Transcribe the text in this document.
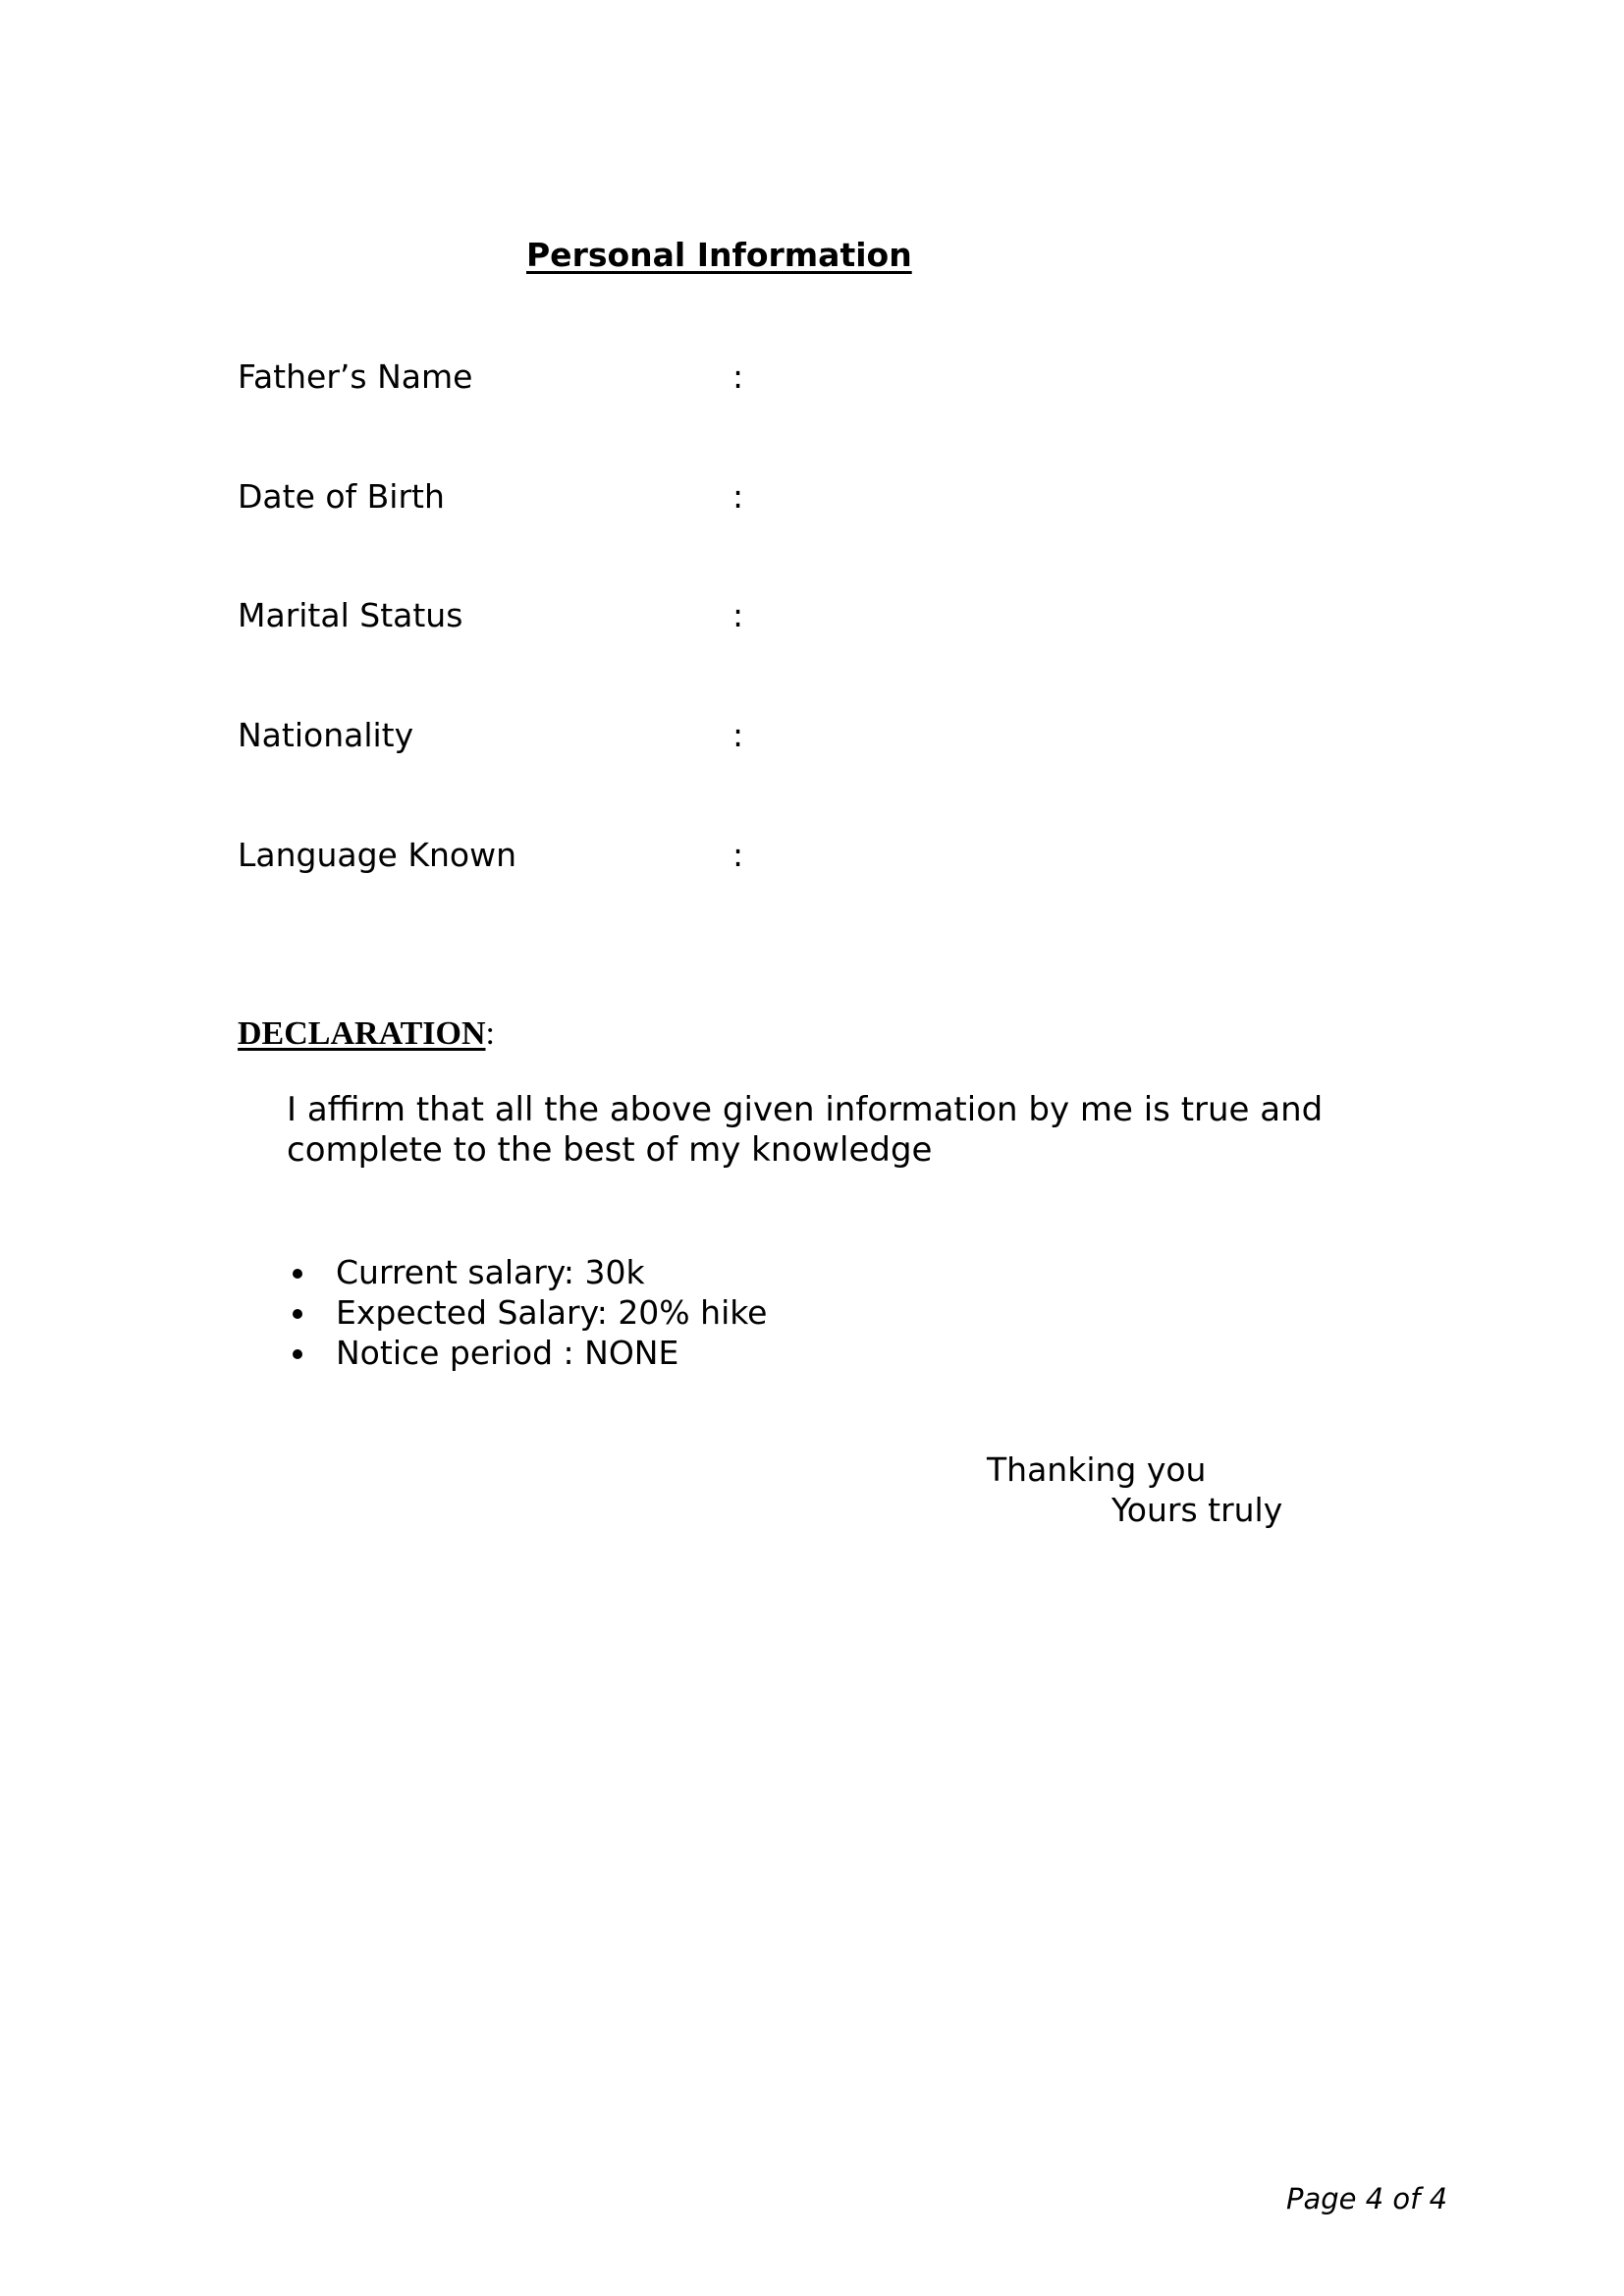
Personal Information
Father’s Name	:
Date of Birth	:
Marital Status	:
Nationality	:
Language Known	:
DECLARATION:
I affirm that all the above given information by me is true and complete to the best of my knowledge
Current salary: 30k
Expected Salary: 20% hike
Notice period : NONE
Thanking you
Yours truly
Page 4 of 4
